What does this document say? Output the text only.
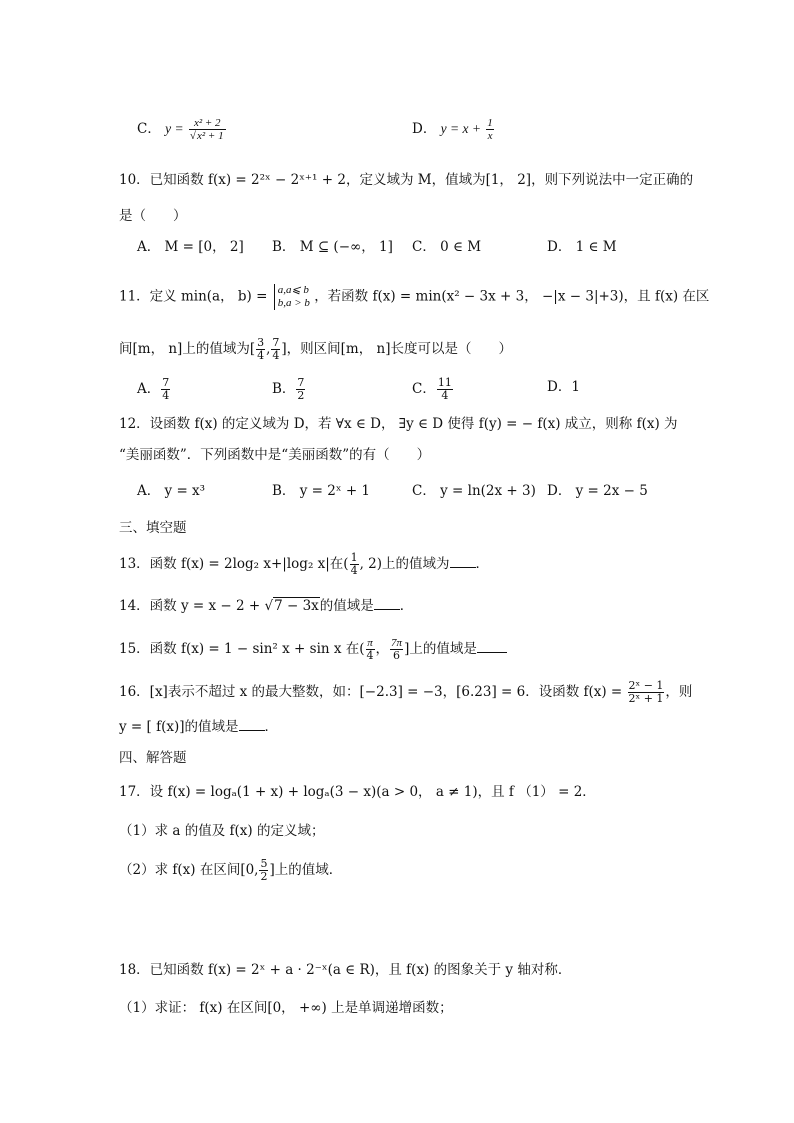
C． $y = \frac{\text{x² + 2}}{\text{√x² + 1}}$	D． $y = x + \frac{1}{x}$
10．已知函数 f(x) = 2²ˣ − 2ˣ⁺¹ + 2，定义域为 M，值域为[1， 2]，则下列说法中一定正确的
是（　　）
A． M = [0， 2] B． M ⊆ (−∞， 1] C． 0 ∈ M	D． 1 ∈ M
11．定义 min(a， b) = a,a⩽ b
b,a > b ，若函数 f(x) = min(x² − 3x + 3， −|x − 3|+3)，且 f(x) 在区
间[m， n]上的值域为[ $\frac{3}{4}$ , $\frac{7}{4}$ ]，则区间[m， n]长度可以是（　　）
A． $\frac{7}{4}$	B． $\frac{7}{2}$	C． $\frac{11}{4}$	D．1
12．设函数 f(x) 的定义域为 D，若 ∀x ∈ D， ∃y ∈ D 使得 f(y) = − f(x) 成立，则称 f(x) 为
“美丽函数”．下列函数中是“美丽函数”的有（　　）
A． y = x³	B． y = 2ˣ + 1	C． y = ln(2x + 3) D． y = 2x − 5
三、填空题
13．函数 f(x) = 2log₂ x+|log₂ x|在( $\frac{1}{4}$ , 2)上的值域为 ．
14．函数 y = x − 2 + √7 − 3x的值域是 ．
15．函数 f(x) = 1 − sin² x + sin x 在( $\frac{\pi}{4}$ ， $\frac{7\pi}{6}$ ]上的值域是
16．[x]表示不超过 x 的最大整数，如：[−2.3] = −3，[6.23] = 6．设函数 $f(x) = \frac{\text{2ˣ − 1}}{\text{2ˣ + 1}}$ ，则
y = [ f(x)]的值域是 ．
四、解答题
17．设 f(x) = logₐ(1 + x) + logₐ(3 − x)(a > 0， a ≠ 1)，且 f （1） = 2．
（1）求 a 的值及 f(x) 的定义域；
（2）求 f(x) 在区间[0, $\frac{5}{2}$ ]上的值域．
18．已知函数 f(x) = 2ˣ + a · 2⁻ˣ(a ∈ R)，且 f(x) 的图象关于 y 轴对称．
（1）求证： f(x) 在区间[0， +∞) 上是单调递增函数；
